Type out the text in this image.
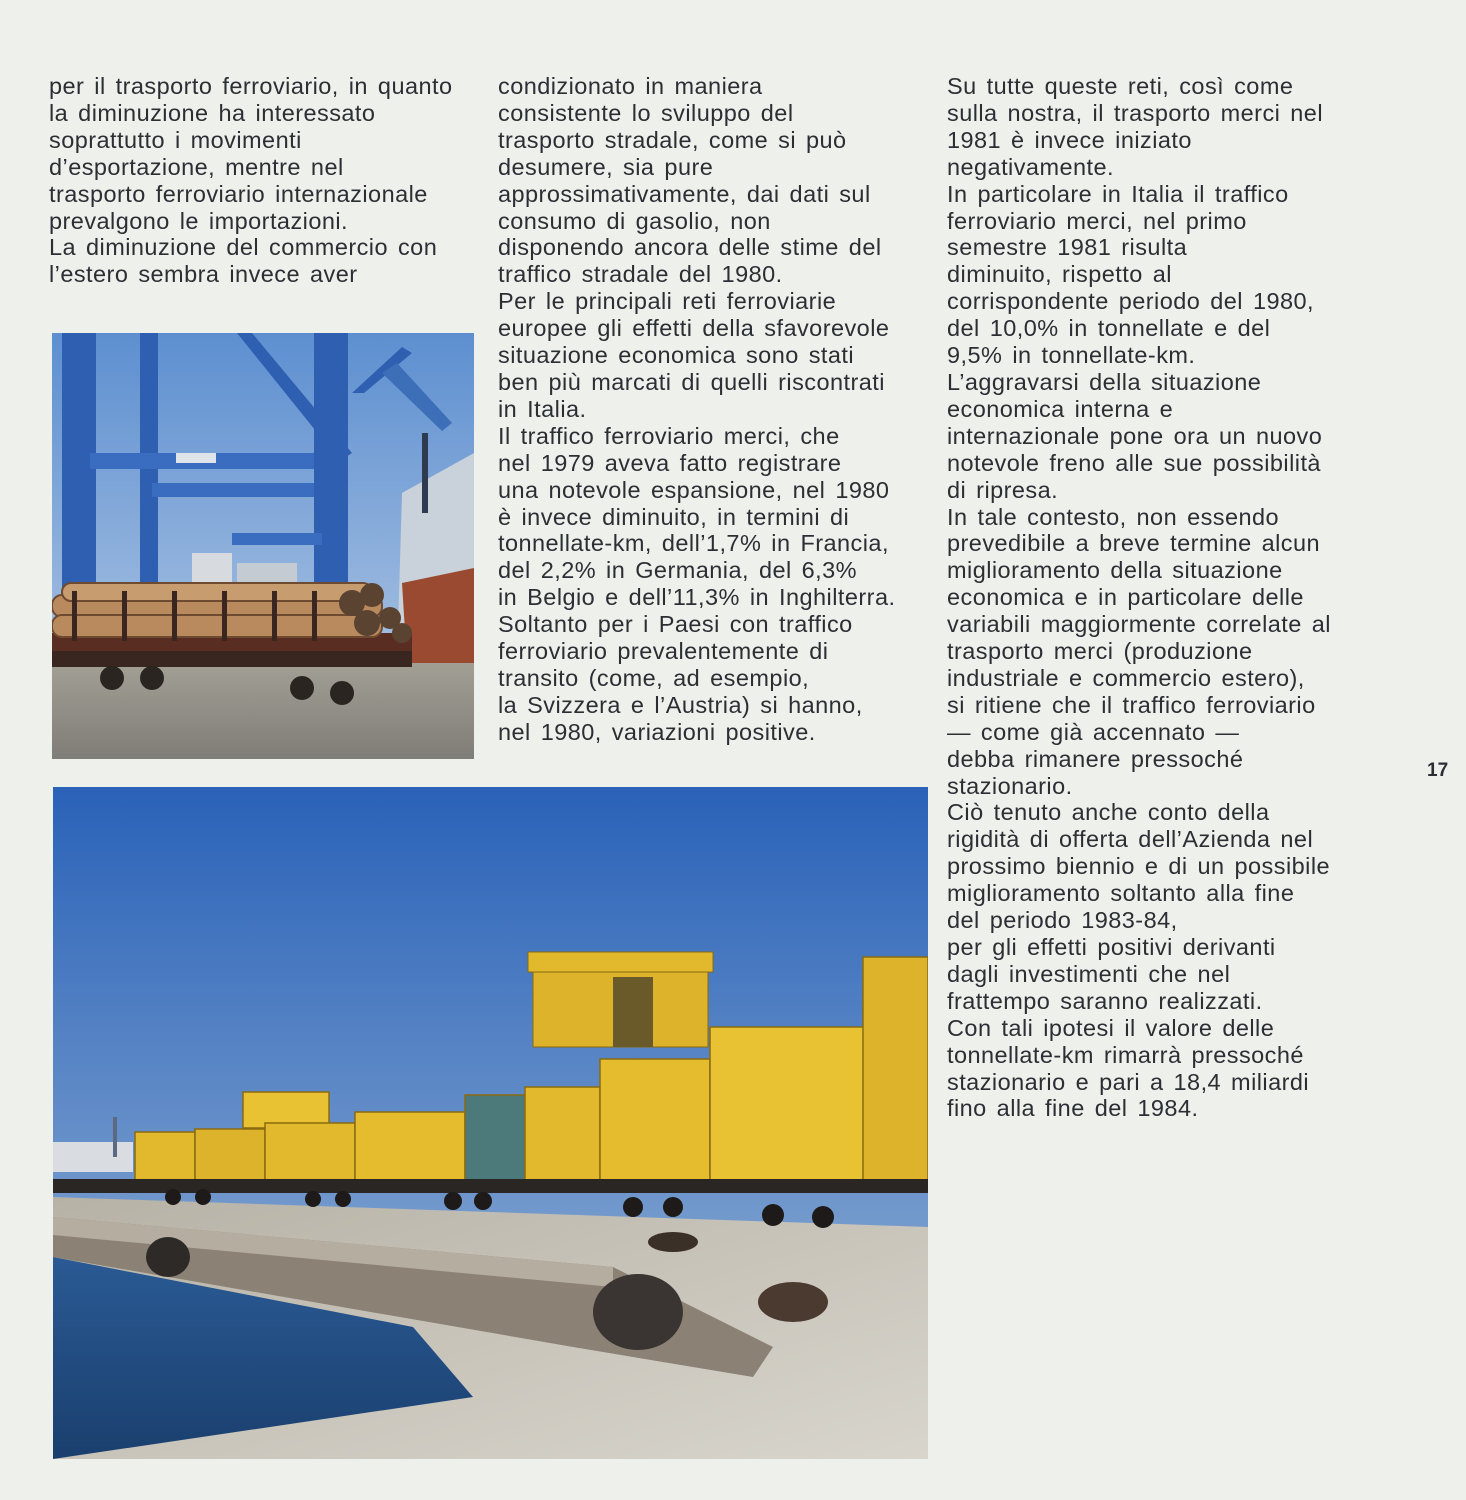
per il trasporto ferroviario, in quanto
la diminuzione ha interessato
soprattutto i movimenti
d’esportazione, mentre nel
trasporto ferroviario internazionale
prevalgono le importazioni.
La diminuzione del commercio con
l’estero sembra invece aver
condizionato in maniera
consistente lo sviluppo del
trasporto stradale, come si può
desumere, sia pure
approssimativamente, dai dati sul
consumo di gasolio, non
disponendo ancora delle stime del
traffico stradale del 1980.
Per le principali reti ferroviarie
europee gli effetti della sfavorevole
situazione economica sono stati
ben più marcati di quelli riscontrati
in Italia.
Il traffico ferroviario merci, che
nel 1979 aveva fatto registrare
una notevole espansione, nel 1980
è invece diminuito, in termini di
tonnellate-km, dell’1,7% in Francia,
del 2,2% in Germania, del 6,3%
in Belgio e dell’11,3% in Inghilterra.
Soltanto per i Paesi con traffico
ferroviario prevalentemente di
transito (come, ad esempio,
la Svizzera e l’Austria) si hanno,
nel 1980, variazioni positive.
Su tutte queste reti, così come
sulla nostra, il trasporto merci nel
1981 è invece iniziato
negativamente.
In particolare in Italia il traffico
ferroviario merci, nel primo
semestre 1981 risulta
diminuito, rispetto al
corrispondente periodo del 1980,
del 10,0% in tonnellate e del
9,5% in tonnellate-km.
L’aggravarsi della situazione
economica interna e
internazionale pone ora un nuovo
notevole freno alle sue possibilità
di ripresa.
In tale contesto, non essendo
prevedibile a breve termine alcun
miglioramento della situazione
economica e in particolare delle
variabili maggiormente correlate al
trasporto merci (produzione
industriale e commercio estero),
si ritiene che il traffico ferroviario
— come già accennato —
debba rimanere pressoché
stazionario.
Ciò tenuto anche conto della
rigidità di offerta dell’Azienda nel
prossimo biennio e di un possibile
miglioramento soltanto alla fine
del periodo 1983-84,
per gli effetti positivi derivanti
dagli investimenti che nel
frattempo saranno realizzati.
Con tali ipotesi il valore delle
tonnellate-km rimarrà pressoché
stazionario e pari a 18,4 miliardi
fino alla fine del 1984.
17
